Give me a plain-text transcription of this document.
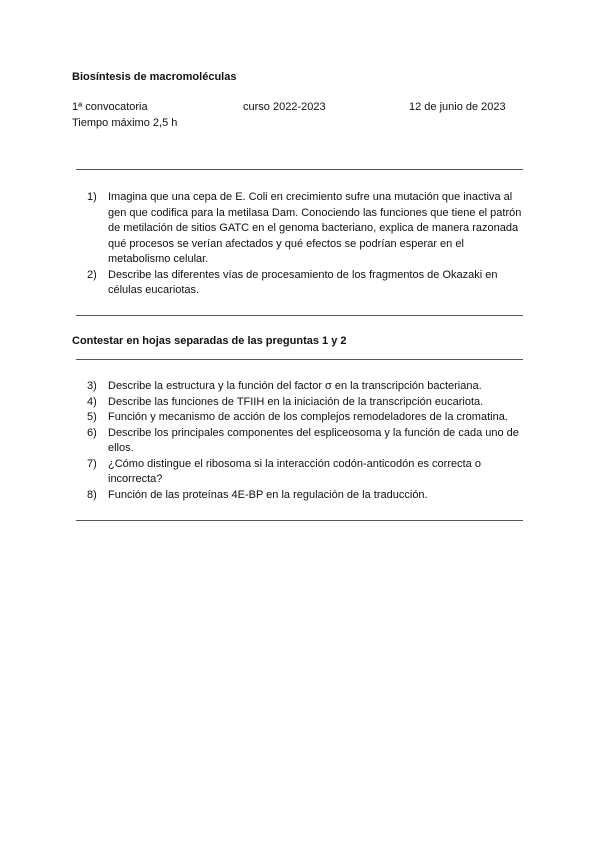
Biosíntesis de macromoléculas
1ª convocatoria	curso 2022-2023	12 de junio de 2023
Tiempo máximo 2,5 h
1) Imagina que una cepa de E. Coli en crecimiento sufre una mutación que inactiva al gen que codifica para la metilasa Dam. Conociendo las funciones que tiene el patrón de metilación de sitios GATC en el genoma bacteriano, explica de manera razonada qué procesos se verían afectados y qué efectos se podrían esperar en el metabolismo celular.
2) Describe las diferentes vías de procesamiento de los fragmentos de Okazaki en células eucariotas.
Contestar en hojas separadas de las preguntas 1 y 2
3) Describe la estructura y la función del factor σ en la transcripción bacteriana.
4) Describe las funciones de TFIIH en la iniciación de la transcripción eucariota.
5) Función y mecanismo de acción de los complejos remodeladores de la cromatina.
6) Describe los principales componentes del espliceosoma y la función de cada uno de ellos.
7) ¿Cómo distingue el ribosoma si la interacción codón-anticodón es correcta o incorrecta?
8) Función de las proteínas 4E-BP en la regulación de la traducción.
